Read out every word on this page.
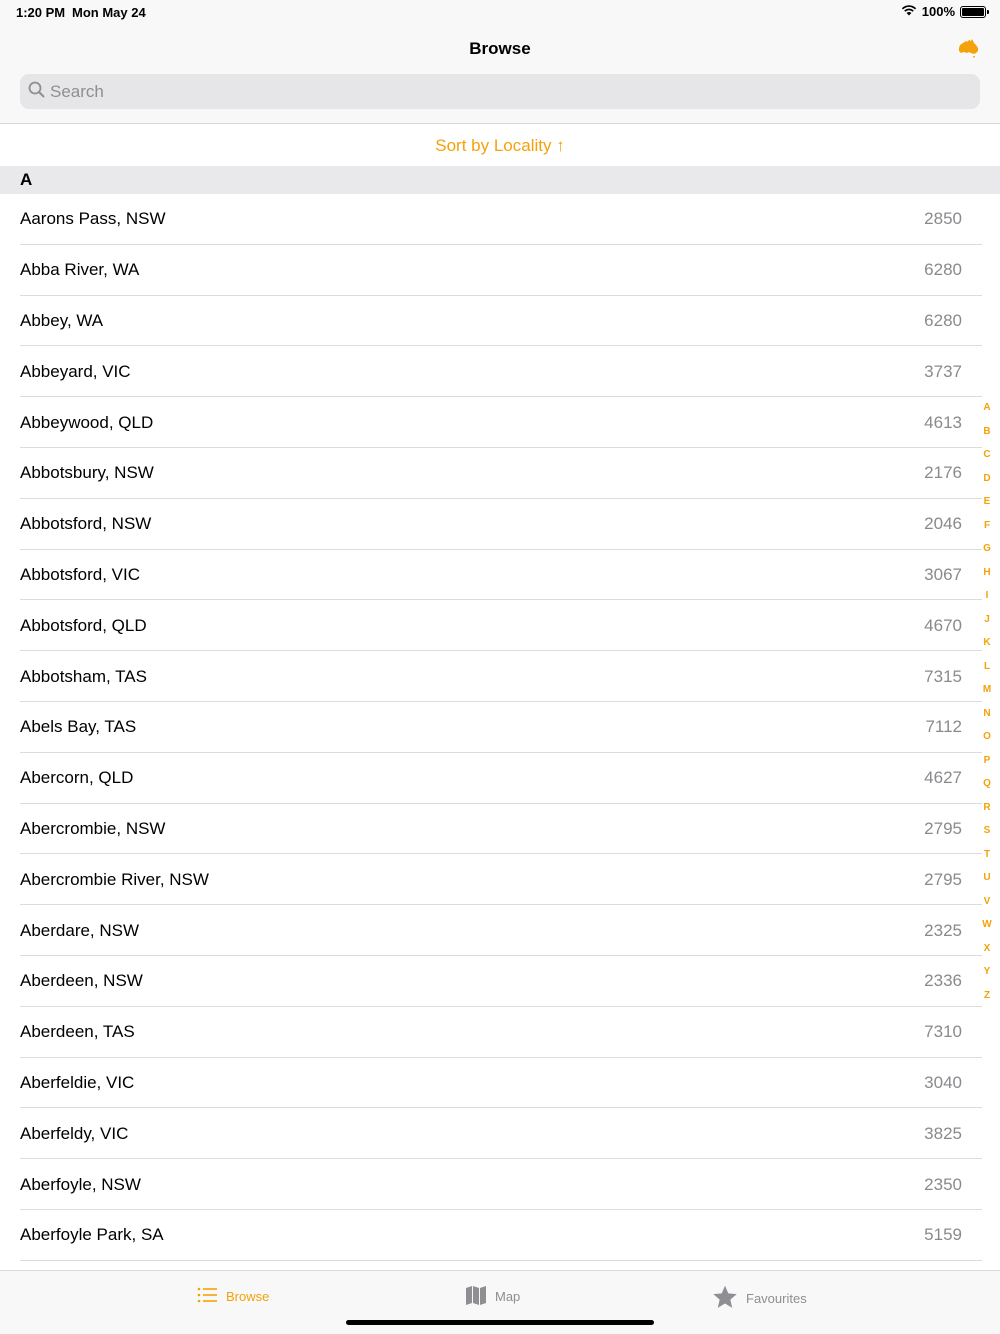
1:20 PM Mon May 24	100%
Browse
Search
Sort by Locality ↑
A
Aarons Pass, NSW	2850
Abba River, WA	6280
Abbey, WA	6280
Abbeyard, VIC	3737
Abbeywood, QLD	4613
Abbotsbury, NSW	2176
Abbotsford, NSW	2046
Abbotsford, VIC	3067
Abbotsford, QLD	4670
Abbotsham, TAS	7315
Abels Bay, TAS	7112
Abercorn, QLD	4627
Abercrombie, NSW	2795
Abercrombie River, NSW	2795
Aberdare, NSW	2325
Aberdeen, NSW	2336
Aberdeen, TAS	7310
Aberfeldie, VIC	3040
Aberfeldy, VIC	3825
Aberfoyle, NSW	2350
Aberfoyle Park, SA	5159
A
B
C
D
E
F
G
H
I
J
K
L
M
N
O
P
Q
R
S
T
U
V
W
X
Y
Z
Browse	Map	Favourites
